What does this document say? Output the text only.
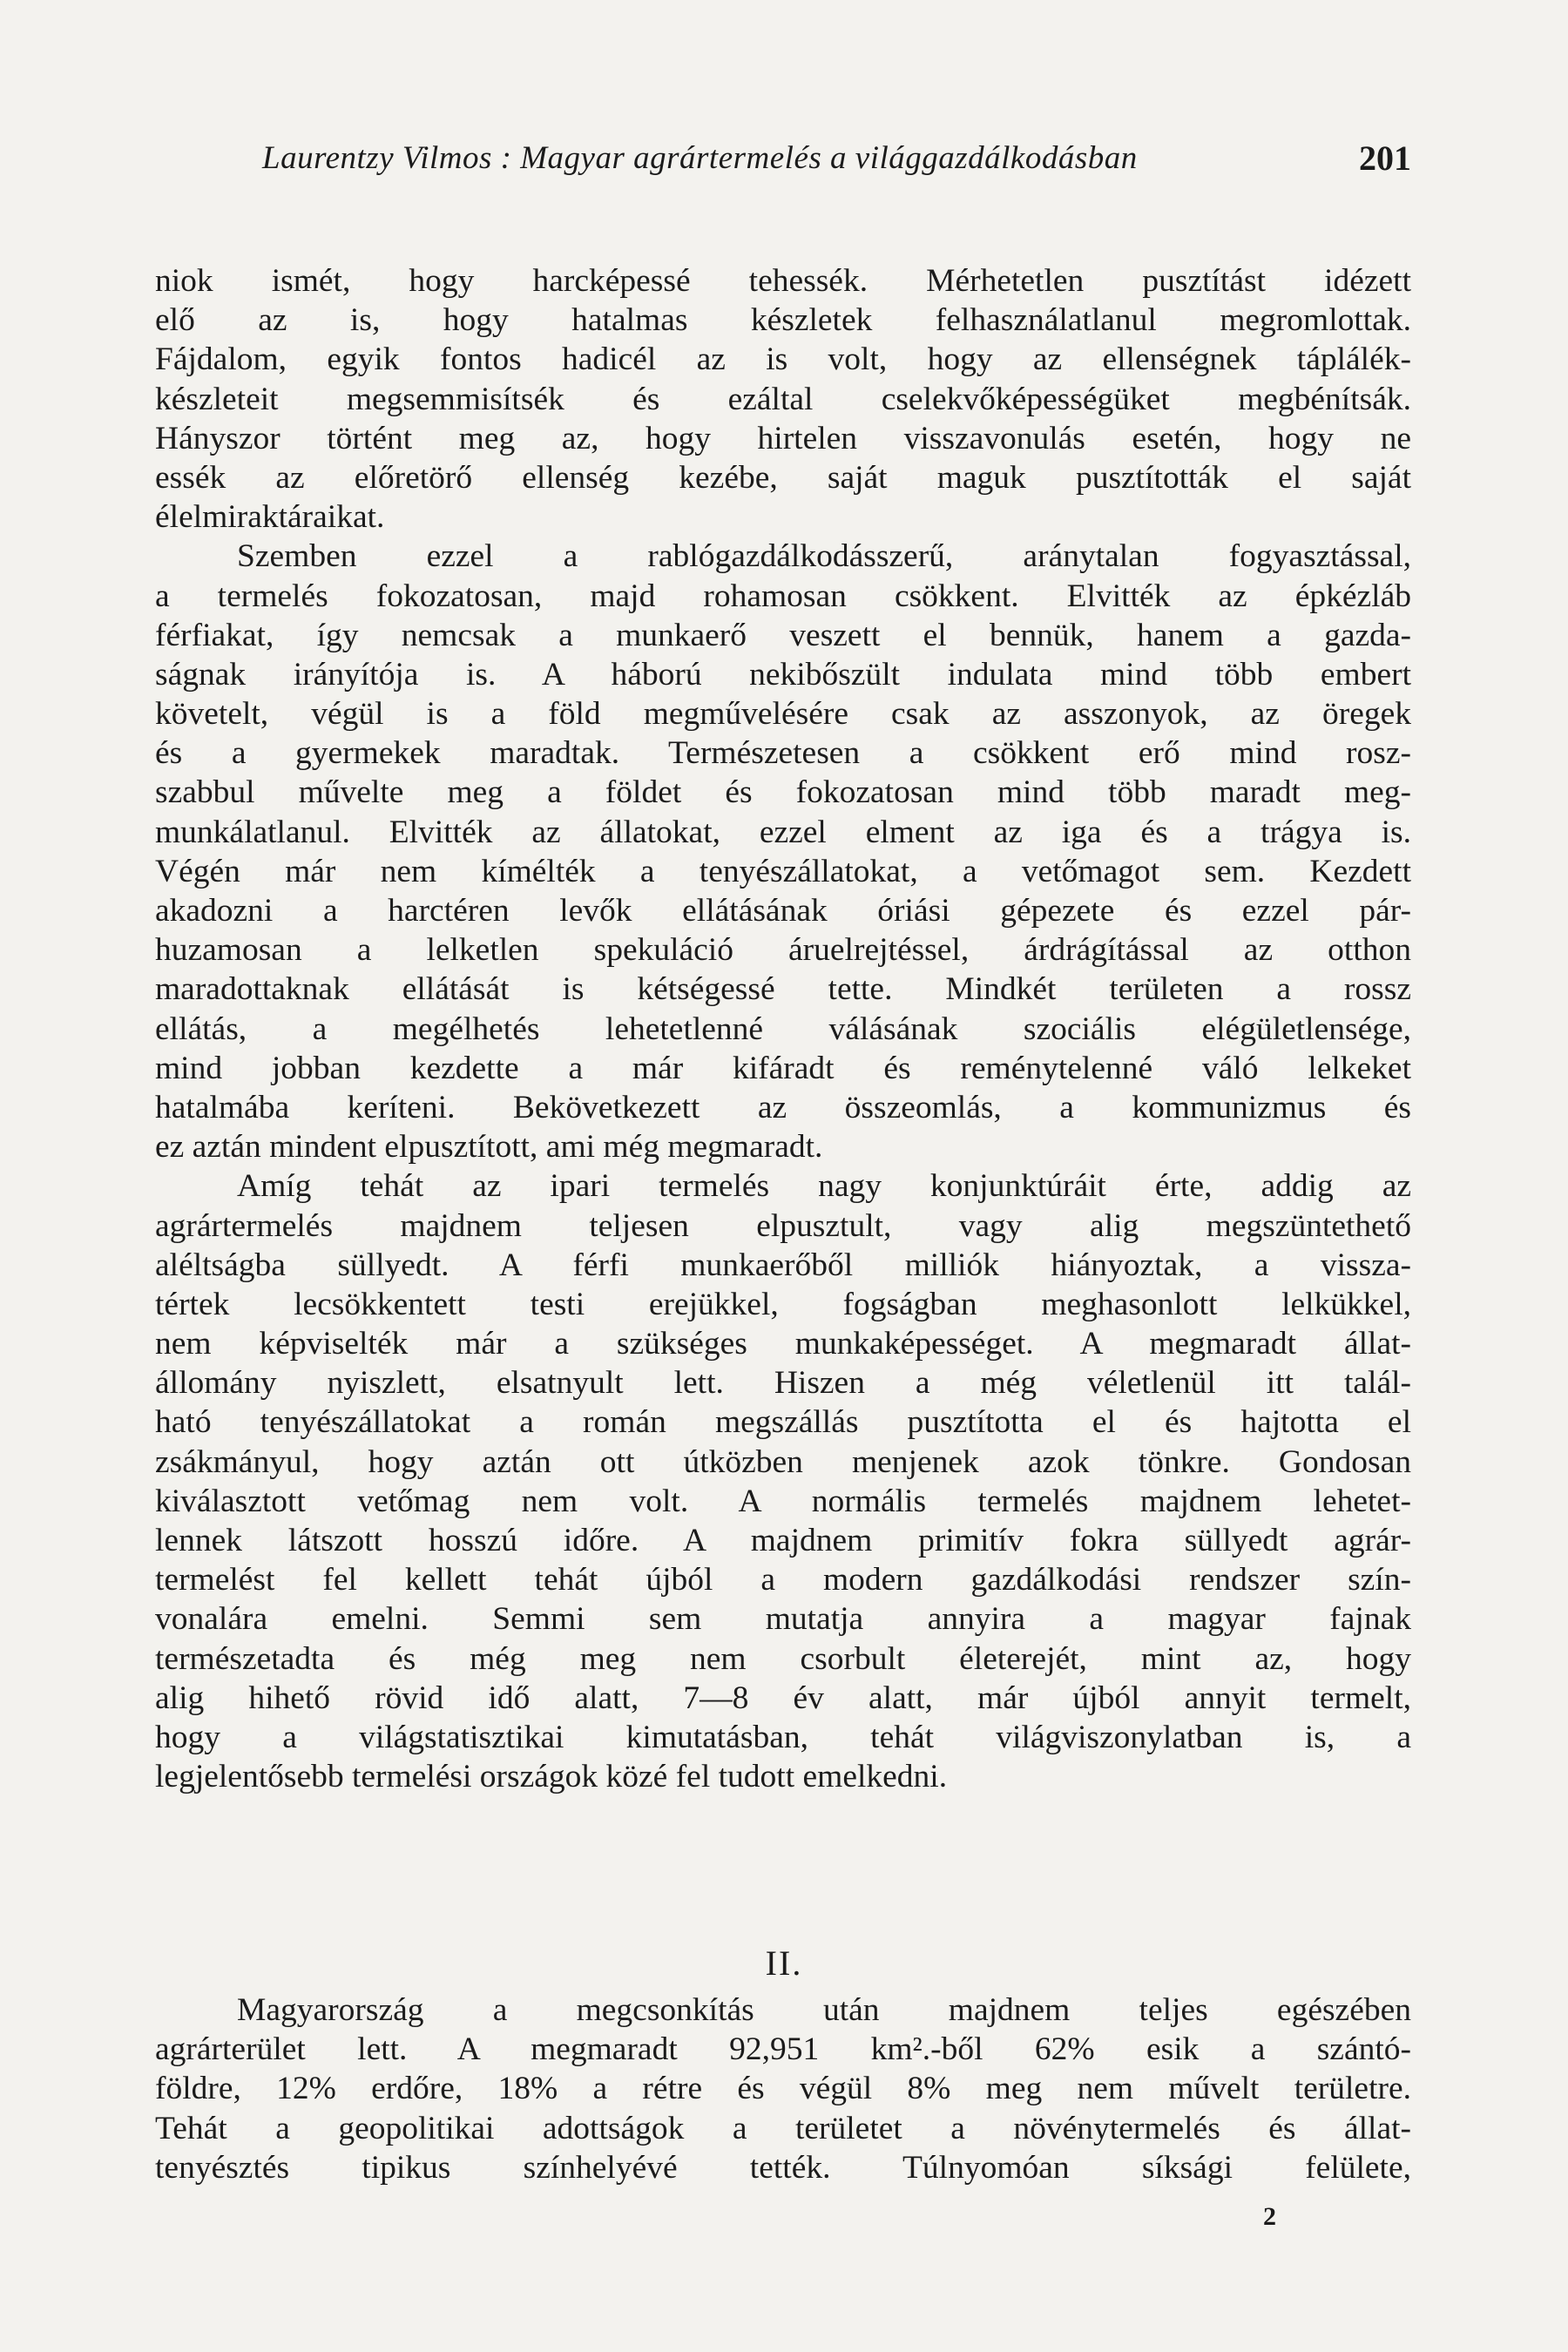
Laurentzy Vilmos : Magyar agrártermelés a világgazdálkodásban	201
niok ismét, hogy harcképessé tehessék. Mérhetetlen pusztítást idézett
elő az is, hogy hatalmas készletek felhasználatlanul megromlottak.
Fájdalom, egyik fontos hadicél az is volt, hogy az ellenségnek táplálék-
készleteit megsemmisítsék és ezáltal cselekvőképességüket megbénítsák.
Hányszor történt meg az, hogy hirtelen visszavonulás esetén, hogy ne
essék az előretörő ellenség kezébe, saját maguk pusztították el saját
élelmiraktáraikat.
Szemben ezzel a rablógazdálkodásszerű, aránytalan fogyasztással,
a termelés fokozatosan, majd rohamosan csökkent. Elvitték az épkézláb
férfiakat, így nemcsak a munkaerő veszett el bennük, hanem a gazda-
ságnak irányítója is. A háború nekibőszült indulata mind több embert
követelt, végül is a föld megművelésére csak az asszonyok, az öregek
és a gyermekek maradtak. Természetesen a csökkent erő mind rosz-
szabbul művelte meg a földet és fokozatosan mind több maradt meg-
munkálatlanul. Elvitték az állatokat, ezzel elment az iga és a trágya is.
Végén már nem kímélték a tenyészállatokat, a vetőmagot sem. Kezdett
akadozni a harctéren levők ellátásának óriási gépezete és ezzel pár-
huzamosan a lelketlen spekuláció áruelrejtéssel, árdrágítással az otthon
maradottaknak ellátását is kétségessé tette. Mindkét területen a rossz
ellátás, a megélhetés lehetetlenné válásának szociális elégületlensége,
mind jobban kezdette a már kifáradt és reménytelenné váló lelkeket
hatalmába keríteni. Bekövetkezett az összeomlás, a kommunizmus és
ez aztán mindent elpusztított, ami még megmaradt.
Amíg tehát az ipari termelés nagy konjunktúráit érte, addig az
agrártermelés majdnem teljesen elpusztult, vagy alig megszüntethető
aléltságba süllyedt. A férfi munkaerőből milliók hiányoztak, a vissza-
tértek lecsökkentett testi erejükkel, fogságban meghasonlott lelkükkel,
nem képviselték már a szükséges munkaképességet. A megmaradt állat-
állomány nyiszlett, elsatnyult lett. Hiszen a még véletlenül itt talál-
ható tenyészállatokat a román megszállás pusztította el és hajtotta el
zsákmányul, hogy aztán ott útközben menjenek azok tönkre. Gondosan
kiválasztott vetőmag nem volt. A normális termelés majdnem lehetet-
lennek látszott hosszú időre. A majdnem primitív fokra süllyedt agrár-
termelést fel kellett tehát újból a modern gazdálkodási rendszer szín-
vonalára emelni. Semmi sem mutatja annyira a magyar fajnak
természetadta és még meg nem csorbult életerejét, mint az, hogy
alig hihető rövid idő alatt, 7—8 év alatt, már újból annyit termelt,
hogy a világstatisztikai kimutatásban, tehát világviszonylatban is, a
legjelentősebb termelési országok közé fel tudott emelkedni.
II.
Magyarország a megcsonkítás után majdnem teljes egészében
agrárterület lett. A megmaradt 92,951 km².-ből 62% esik a szántó-
földre, 12% erdőre, 18% a rétre és végül 8% meg nem művelt területre.
Tehát a geopolitikai adottságok a területet a növénytermelés és állat-
tenyésztés tipikus színhelyévé tették. Túlnyomóan síksági felülete,
2
